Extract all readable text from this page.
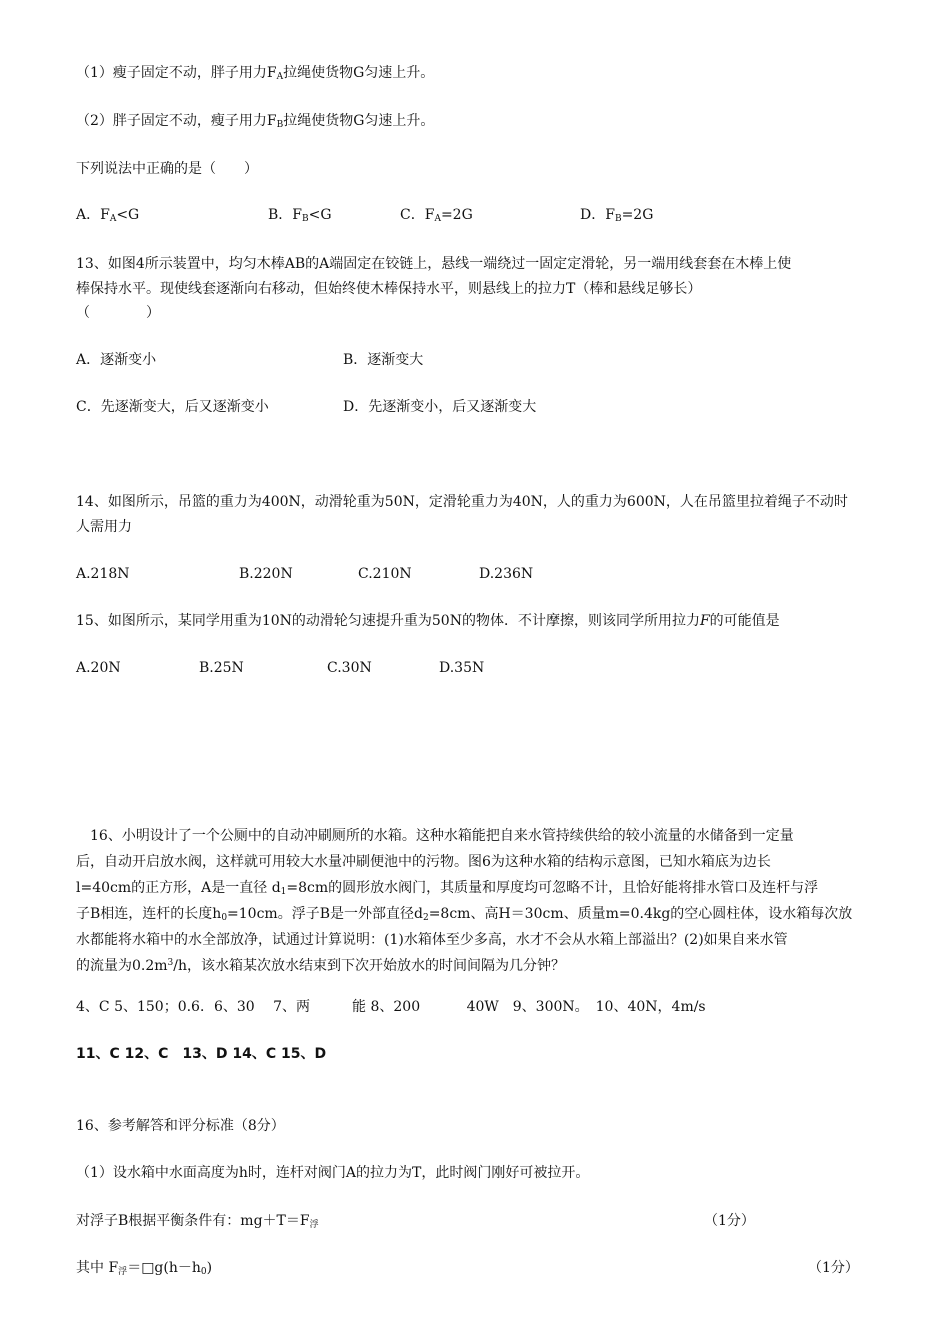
（1）瘦子固定不动，胖子用力$F_A$拉绳使货物G匀速上升。
（2）胖子固定不动，瘦子用力$F_B$拉绳使货物G匀速上升。
下列说法中正确的是（　　）
A．$F_A<G$	B．$F_B<G$	C．$F_A=2G$	D．$F_B=2G$
13、如图4所示装置中，均匀木棒AB的A端固定在铰链上，悬线一端绕过一固定定滑轮，另一端用线套套在木棒上使
棒保持水平。现使线套逐渐向右移动，但始终使木棒保持水平，则悬线上的拉力T（棒和悬线足够长）
（　　　　）
A．逐渐变小	B．逐渐变大
C．先逐渐变大，后又逐渐变小	D．先逐渐变小，后又逐渐变大
14、如图所示，吊篮的重力为400N，动滑轮重为50N，定滑轮重力为40N，人的重力为600N，人在吊篮里拉着绳子不动时
人需用力
A.218N	B.220N	C.210N	D.236N
15、如图所示，某同学用重为10N的动滑轮匀速提升重为50N的物体．不计摩擦，则该同学所用拉力F的可能值是
A.20N	B.25N	C.30N	D.35N
　16、小明设计了一个公厕中的自动冲刷厕所的水箱。这种水箱能把自来水管持续供给的较小流量的水储备到一定量
后，自动开启放水阀，这样就可用较大水量冲刷便池中的污物。图6为这种水箱的结构示意图，已知水箱底为边长
l=40cm的正方形，A是一直径 $d_1=8cm$的圆形放水阀门，其质量和厚度均可忽略不计，且恰好能将排水管口及连杆与浮
子B相连，连杆的长度$h_0=10cm$。浮子B是一外部直径$d_2=8cm$、高H＝30cm、质量m=0.4kg的空心圆柱体，设水箱每次放
水都能将水箱中的水全部放净，试通过计算说明：(1)水箱体至少多高，水才不会从水箱上部溢出？(2)如果自来水管
的流量为$0.2m^3/h$，该水箱某次放水结束到下次开始放水的时间间隔为几分钟？
4、C 5、150；0.6．6、30　 7、两　　　能 8、200　　　 40W　9、300N。　10、40N，4m/s
11、C 12、C　13、D 14、C 15、D
16、参考解答和评分标准（8分）
（1）设水箱中水面高度为h时，连杆对阀门A的拉力为T，此时阀门刚好可被拉开。
对浮子B根据平衡条件有：$mg+T=F_浮$	（1分）
其中 $F_浮=□g(h-h_0)$	（1分）
